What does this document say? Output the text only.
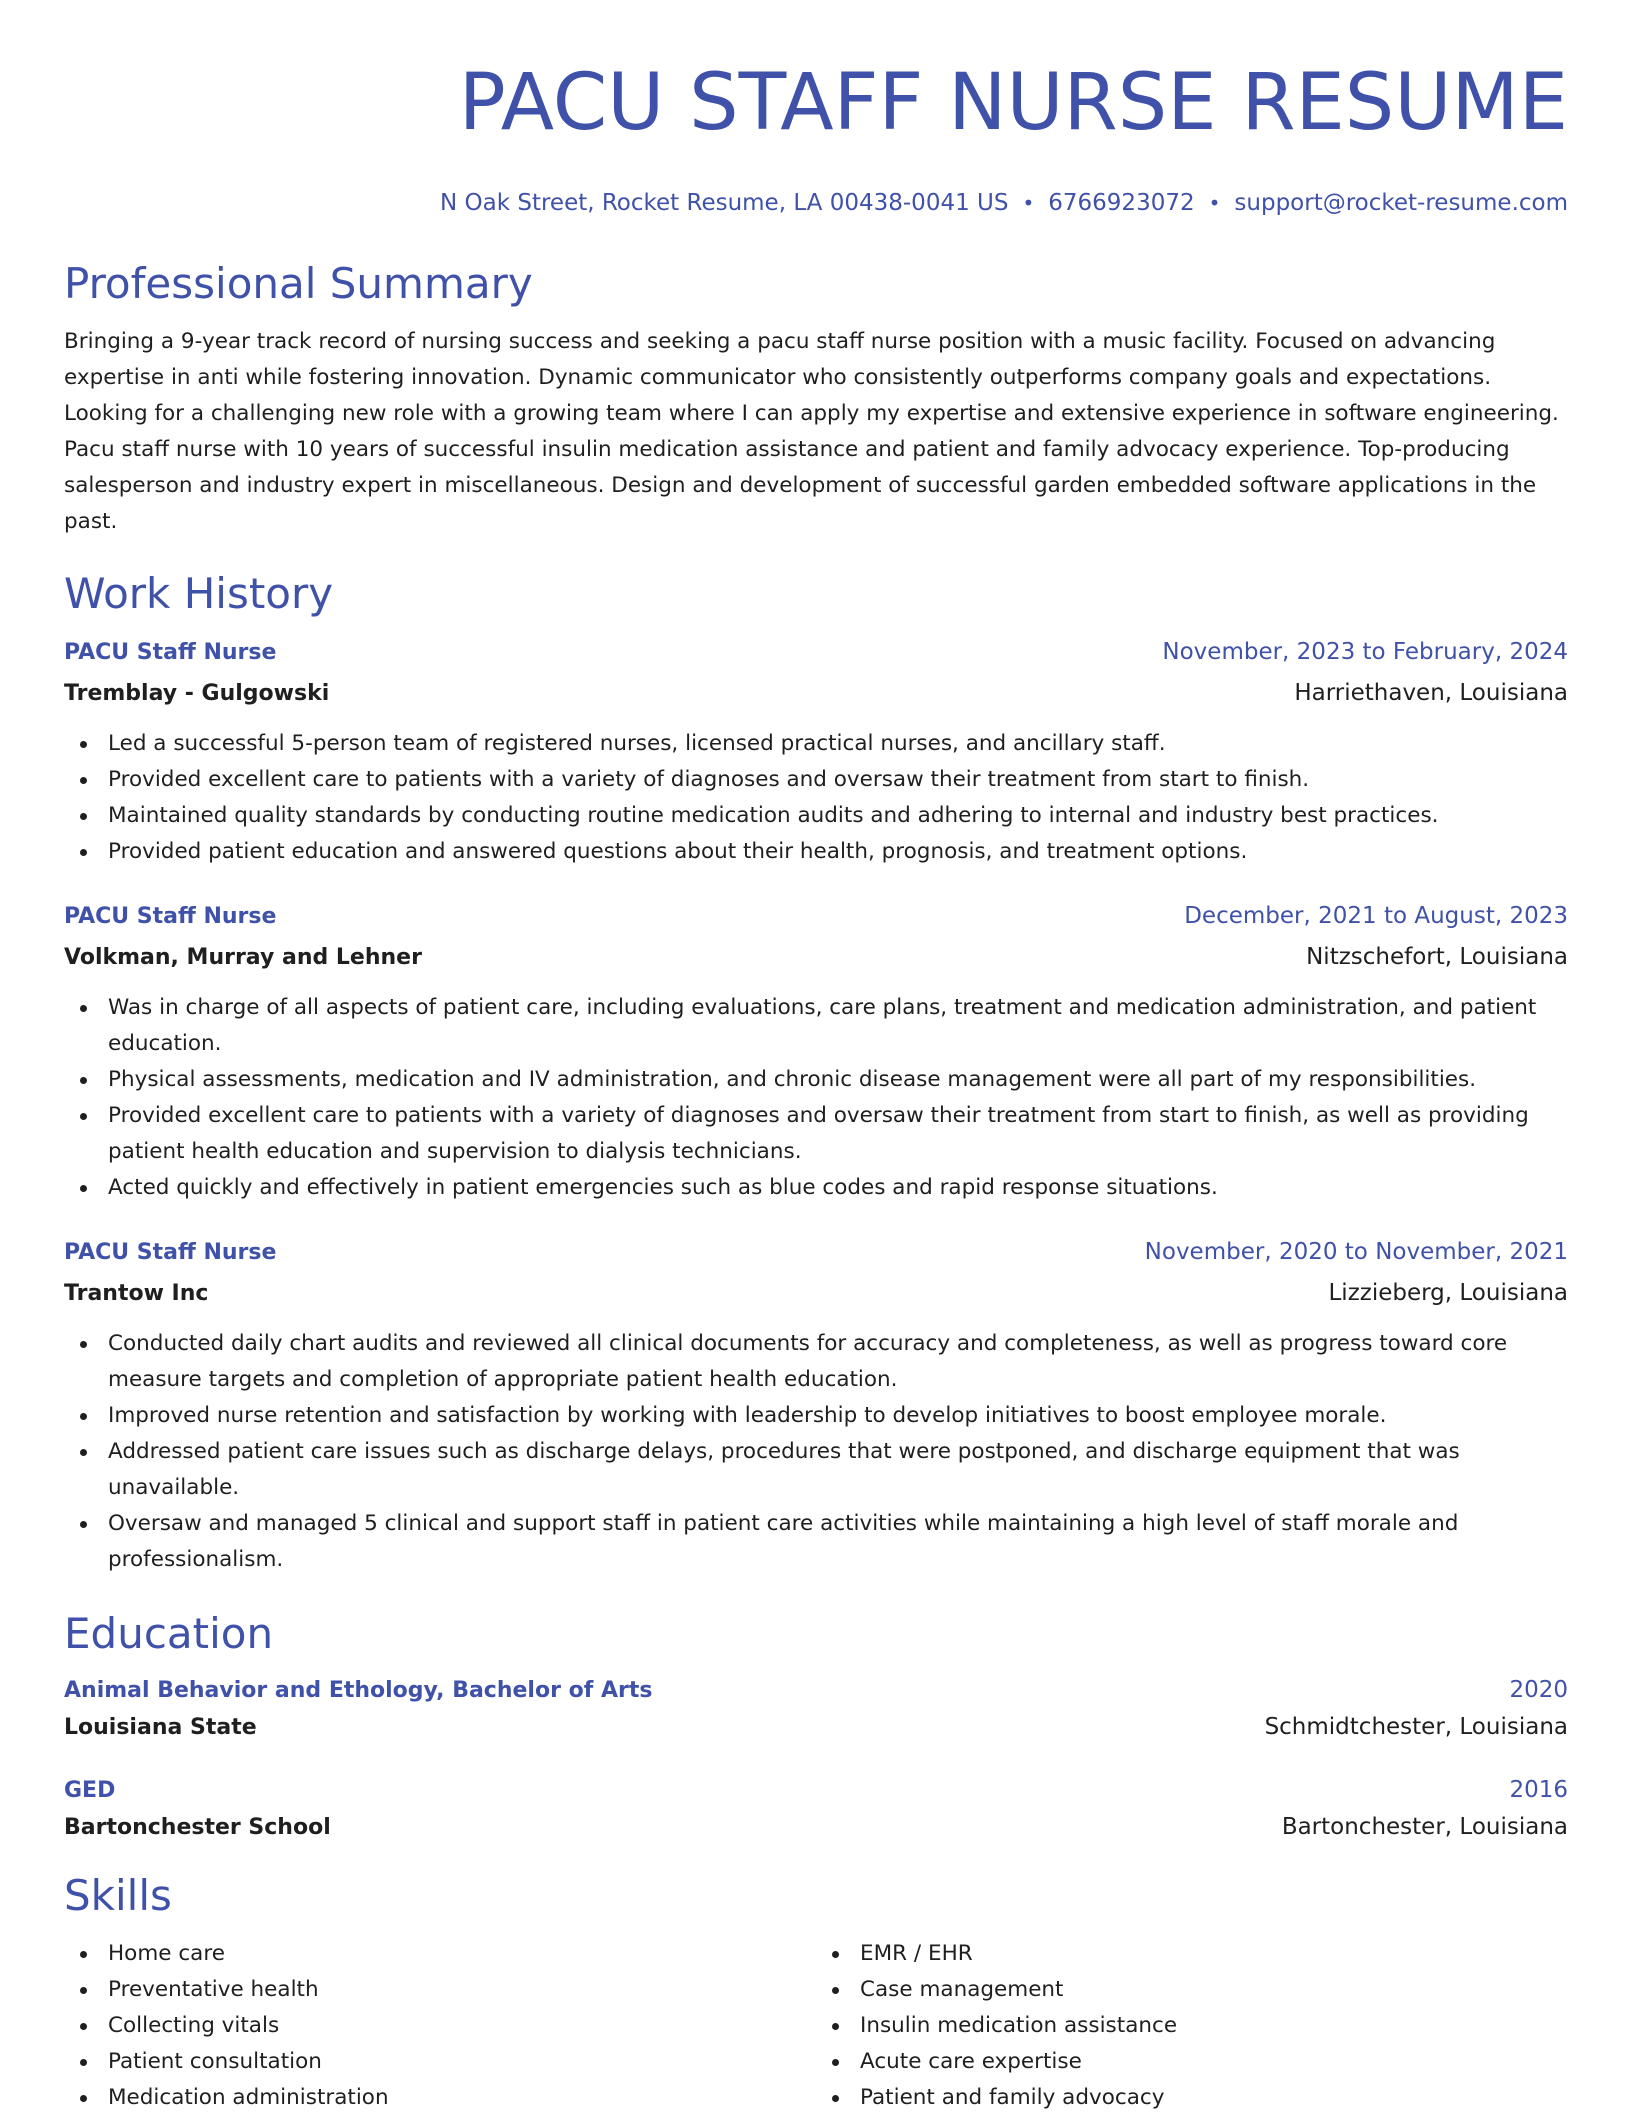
PACU STAFF NURSE RESUME
N Oak Street, Rocket Resume, LA 00438-0041 US • 6766923072 • support@rocket-resume.com
Professional Summary

Bringing a 9-year track record of nursing success and seeking a pacu staff nurse position with a music facility. Focused on advancing expertise in anti while fostering innovation. Dynamic communicator who consistently outperforms company goals and expectations. Looking for a challenging new role with a growing team where I can apply my expertise and extensive experience in software engineering. Pacu staff nurse with 10 years of successful insulin medication assistance and patient and family advocacy experience. Top-producing salesperson and industry expert in miscellaneous. Design and development of successful garden embedded software applications in the past.

Work History
PACU Staff Nurse	November, 2023 to February, 2024
Tremblay - Gulgowski	Harriethaven, Louisiana
Led a successful 5-person team of registered nurses, licensed practical nurses, and ancillary staff.
Provided excellent care to patients with a variety of diagnoses and oversaw their treatment from start to finish.
Maintained quality standards by conducting routine medication audits and adhering to internal and industry best practices.
Provided patient education and answered questions about their health, prognosis, and treatment options.
PACU Staff Nurse	December, 2021 to August, 2023
Volkman, Murray and Lehner	Nitzschefort, Louisiana
Was in charge of all aspects of patient care, including evaluations, care plans, treatment and medication administration, and patient education.
Physical assessments, medication and IV administration, and chronic disease management were all part of my responsibilities.
Provided excellent care to patients with a variety of diagnoses and oversaw their treatment from start to finish, as well as providing patient health education and supervision to dialysis technicians.
Acted quickly and effectively in patient emergencies such as blue codes and rapid response situations.
PACU Staff Nurse	November, 2020 to November, 2021
Trantow Inc	Lizzieberg, Louisiana
Conducted daily chart audits and reviewed all clinical documents for accuracy and completeness, as well as progress toward core measure targets and completion of appropriate patient health education.
Improved nurse retention and satisfaction by working with leadership to develop initiatives to boost employee morale.
Addressed patient care issues such as discharge delays, procedures that were postponed, and discharge equipment that was unavailable.
Oversaw and managed 5 clinical and support staff in patient care activities while maintaining a high level of staff morale and professionalism.
Education
Animal Behavior and Ethology, Bachelor of Arts	2020
Louisiana State	Schmidtchester, Louisiana
GED	2016
Bartonchester School	Bartonchester, Louisiana
Skills
Home care
Preventative health
Collecting vitals
Patient consultation
Medication administration
EMR / EHR
Case management
Insulin medication assistance
Acute care expertise
Patient and family advocacy
